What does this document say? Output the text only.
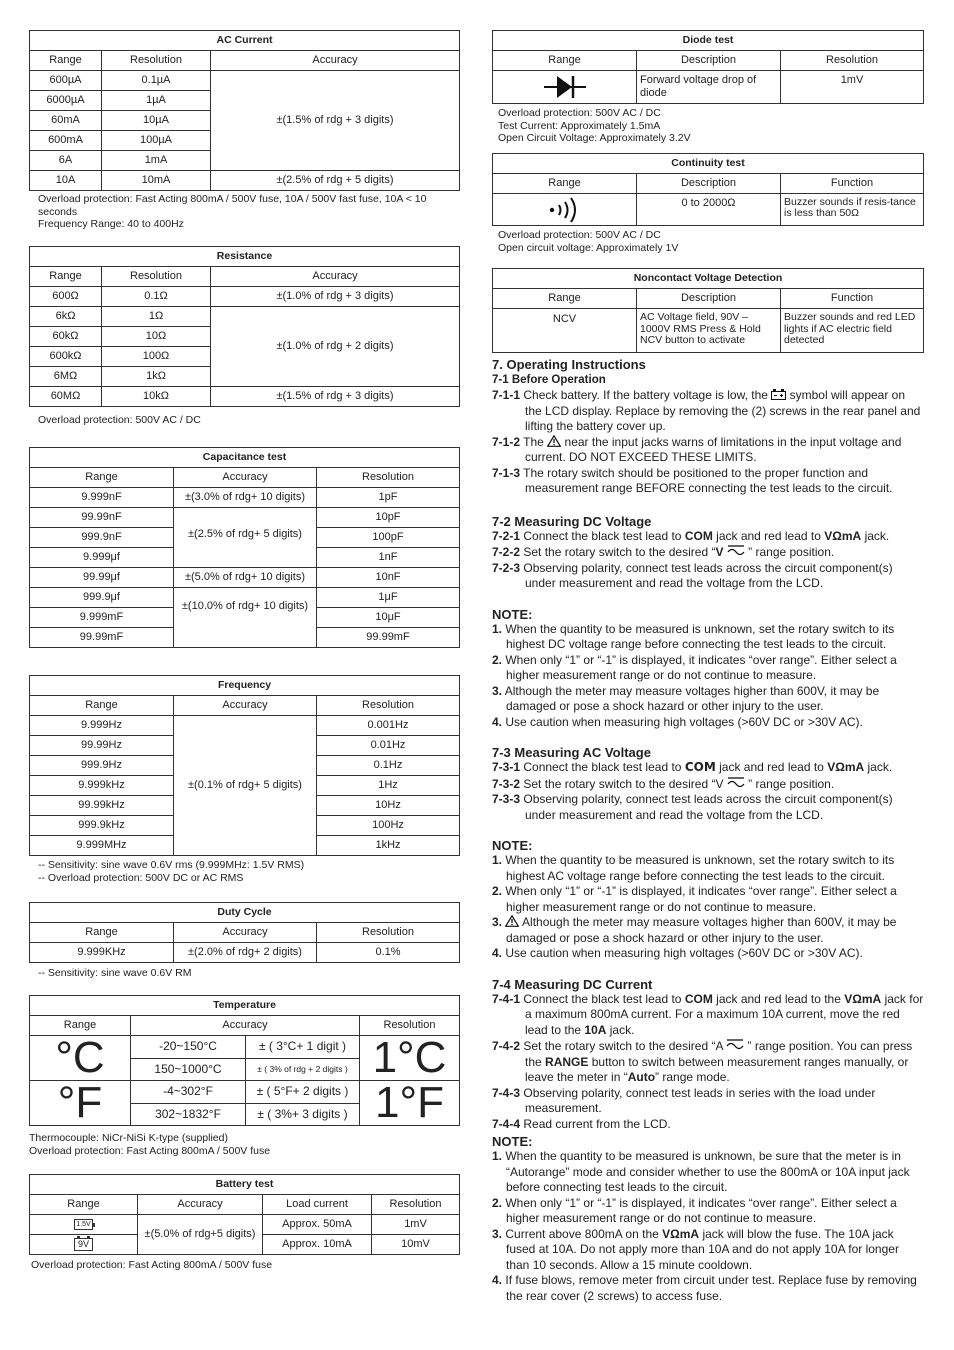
AC Current		
Range	Resolution	Accuracy
600µA	0.1µA	±(1.5% of rdg + 3 digits)
6000µA	1µA	
60mA	10µA	
600mA	100µA	
6A	1mA	
10A	10mA	±(2.5% of rdg + 5 digits)
Overload protection: Fast Acting 800mA / 500V fuse, 10A / 500V fast fuse, 10A < 10 seconds
Frequency Range: 40 to 400Hz
Resistance		
Range	Resolution	Accuracy
600Ω	0.1Ω	±(1.0% of rdg + 3 digits)
6kΩ	1Ω	±(1.0% of rdg + 2 digits)
60kΩ	10Ω	
600kΩ	100Ω	
6MΩ	1kΩ	
60MΩ	10kΩ	±(1.5% of rdg + 3 digits)
Overload protection: 500V AC / DC
Capacitance test		
Range	Accuracy	Resolution
9.999nF	±(3.0% of rdg+ 10 digits)	1pF
99.99nF	±(2.5% of rdg+ 5 digits)	10pF
999.9nF		100pF
9.999μf		1nF
99.99μf	±(5.0% of rdg+ 10 digits)	10nF
999.9μf	±(10.0% of rdg+ 10 digits)	1μF
9.999mF		10μF
99.99mF		99.99mF
Frequency		
Range	Accuracy	Resolution
9.999Hz	±(0.1% of rdg+ 5 digits)	0.001Hz
99.99Hz		0.01Hz
999.9Hz		0.1Hz
9.999kHz		1Hz
99.99kHz		10Hz
999.9kHz		100Hz
9.999MHz		1kHz
-- Sensitivity: sine wave 0.6V rms (9.999MHz: 1.5V RMS)
-- Overload protection: 500V DC or AC RMS
Duty Cycle		
Range	Accuracy	Resolution
9.999KHz	±(2.0% of rdg+ 2 digits)	0.1%
-- Sensitivity: sine wave 0.6V RM
Temperature			
Range	Accuracy		Resolution
°C	-20~150°C	± ( 3°C+ 1 digit )	1°C
	150~1000°C	± ( 3% of rdg + 2 digits )	
°F	-4~302°F	± ( 5°F+ 2 digits )	1°F
	302~1832°F	± ( 3%+ 3 digits )	
Thermocouple: NiCr-NiSi K-type (supplied)
Overload protection: Fast Acting 800mA / 500V fuse
Battery test			
Range	Accuracy	Load current	Resolution
1.5V	±(5.0% of rdg+5 digits)	Approx. 50mA	1mV
9V		Approx. 10mA	10mV
Overload protection: Fast Acting 800mA / 500V fuse
Diode test		
Range	Description	Resolution
	Forward voltage drop of diode	1mV
Overload protection: 500V AC / DC
Test Current: Approximately 1.5mA
Open Circuit Voltage: Approximately 3.2V
Continuity test		
Range	Description	Function
	0 to 2000Ω	Buzzer sounds if resis-tance is less than 50Ω
Overload protection: 500V AC / DC
Open circuit voltage: Approximately 1V
Noncontact Voltage Detection		
Range	Description	Function
NCV	AC Voltage field, 90V – 1000V RMS Press & Hold NCV button to activate	Buzzer sounds and red LED lights if AC electric field detected
7. Operating Instructions
7-1 Before Operation
7-1-1 Check battery. If the battery voltage is low, the symbol will appear on the LCD display. Replace by removing the (2) screws in the rear panel and lifting the battery cover up.
7-1-2 The near the input jacks warns of limitations in the input voltage and current. DO NOT EXCEED THESE LIMITS.
7-1-3 The rotary switch should be positioned to the proper function and measurement range BEFORE connecting the test leads to the circuit.
7-2 Measuring DC Voltage
7-2-1 Connect the black test lead to COM jack and red lead to VΩmA jack.
7-2-2 Set the rotary switch to the desired “V ” range position.
7-2-3 Observing polarity, connect test leads across the circuit component(s) under measurement and read the voltage from the LCD.
NOTE:
1. When the quantity to be measured is unknown, set the rotary switch to its highest DC voltage range before connecting the test leads to the circuit.
2. When only “1” or “-1” is displayed, it indicates “over range”. Either select a higher measurement range or do not continue to measure.
3. Although the meter may measure voltages higher than 600V, it may be damaged or pose a shock hazard or other injury to the user.
4. Use caution when measuring high voltages (>60V DC or >30V AC).
7-3 Measuring AC Voltage
7-3-1 Connect the black test lead to COM jack and red lead to VΩmA jack.
7-3-2 Set the rotary switch to the desired “V ” range position.
7-3-3 Observing polarity, connect test leads across the circuit component(s) under measurement and read the voltage from the LCD.
NOTE:
1. When the quantity to be measured is unknown, set the rotary switch to its highest AC voltage range before connecting the test leads to the circuit.
2. When only “1” or “-1” is displayed, it indicates “over range”. Either select a higher measurement range or do not continue to measure.
3. Although the meter may measure voltages higher than 600V, it may be damaged or pose a shock hazard or other injury to the user.
4. Use caution when measuring high voltages (>60V DC or >30V AC).
7-4 Measuring DC Current
7-4-1 Connect the black test lead to COM jack and red lead to the VΩmA jack for a maximum 800mA current. For a maximum 10A current, move the red lead to the 10A jack.
7-4-2 Set the rotary switch to the desired “A ” range position. You can press the RANGE button to switch between measurement ranges manually, or leave the meter in “Auto” range mode.
7-4-3 Observing polarity, connect test leads in series with the load under measurement.
7-4-4 Read current from the LCD.
NOTE:
1. When the quantity to be measured is unknown, be sure that the meter is in “Autorange” mode and consider whether to use the 800mA or 10A input jack before connecting test leads to the circuit.
2. When only “1” or “-1” is displayed, it indicates “over range”. Either select a higher measurement range or do not continue to measure.
3. Current above 800mA on the VΩmA jack will blow the fuse. The 10A jack fused at 10A. Do not apply more than 10A and do not apply 10A for longer than 10 seconds. Allow a 15 minute cooldown.
4. If fuse blows, remove meter from circuit under test. Replace fuse by removing the rear cover (2 screws) to access fuse.
